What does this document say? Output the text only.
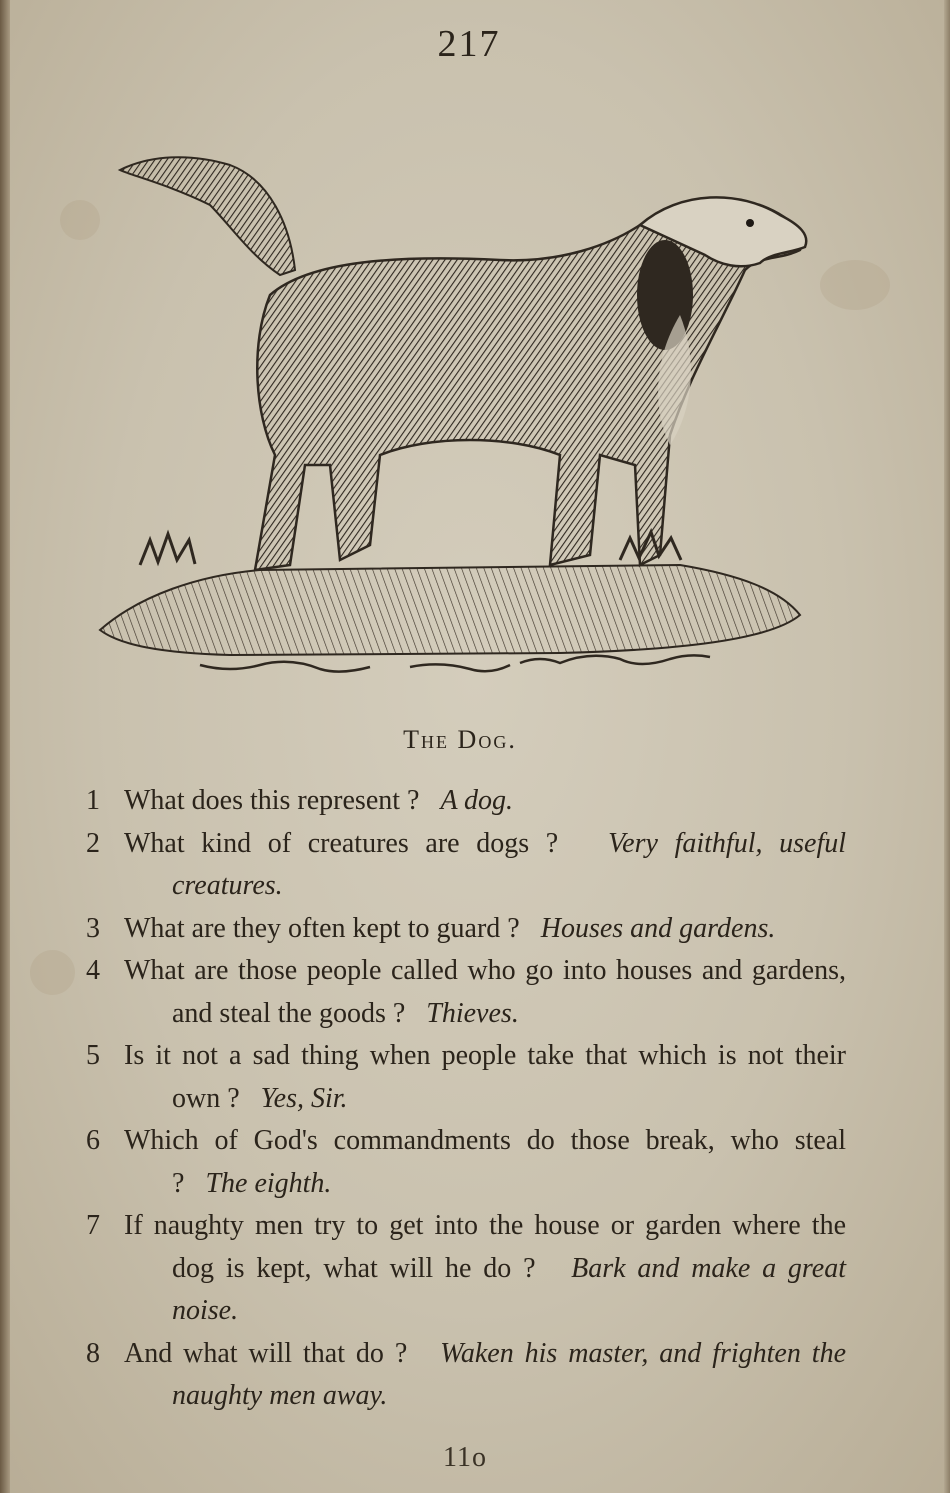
217
The Dog.
1 What does this represent ? A dog.
2 What kind of creatures are dogs ? Very faithful, useful creatures.
3 What are they often kept to guard ? Houses and gardens.
4 What are those people called who go into houses and gardens, and steal the goods ? Thieves.
5 Is it not a sad thing when people take that which is not their own ? Yes, Sir.
6 Which of God's commandments do those break, who steal ? The eighth.
7 If naughty men try to get into the house or garden where the dog is kept, what will he do ? Bark and make a great noise.
8 And what will that do ? Waken his master, and frighten the naughty men away.
11o
